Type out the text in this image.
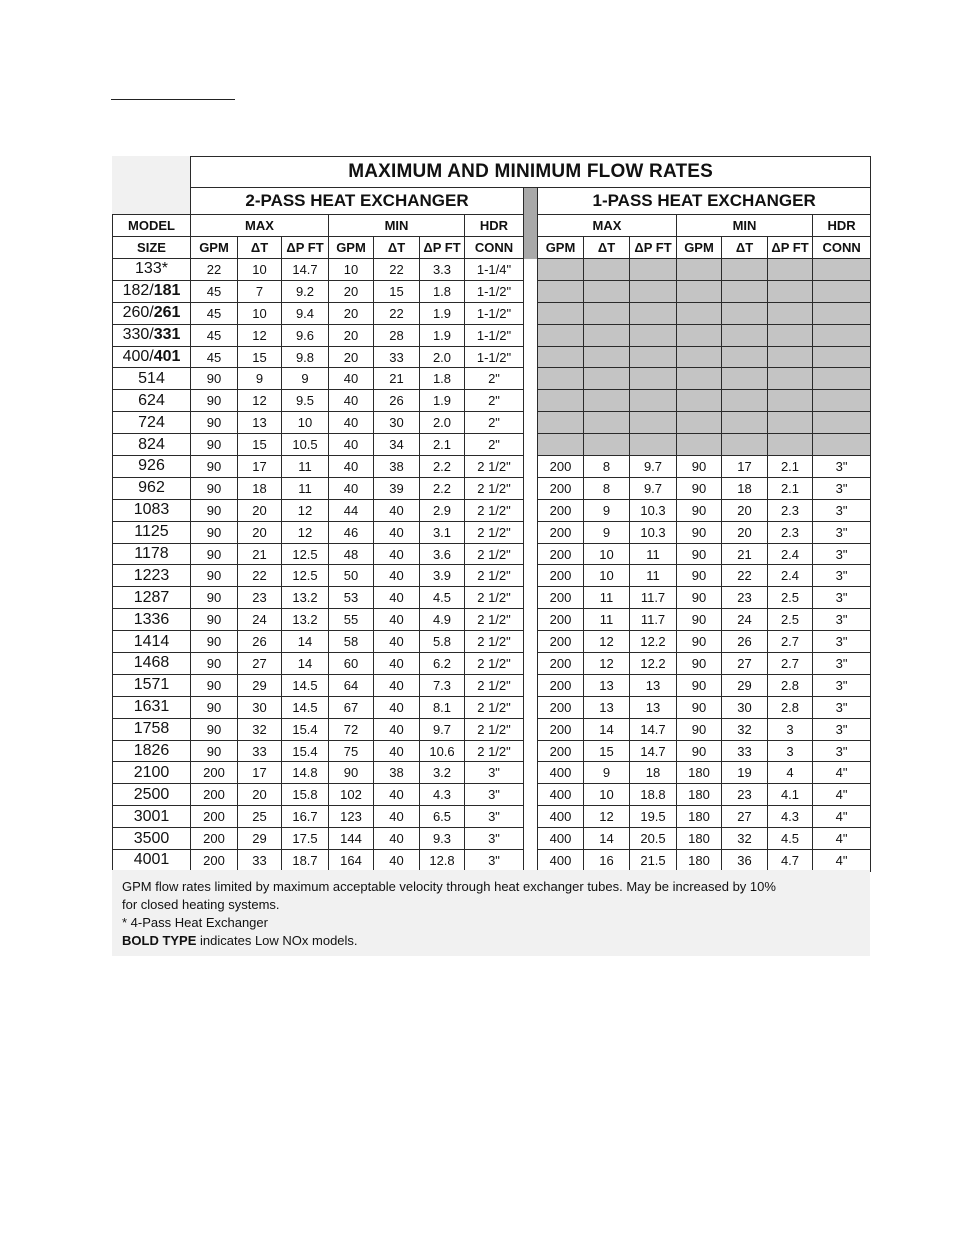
	MAXIMUM AND MINIMUM FLOW RATES														
	2-PASS HEAT EXCHANGER								1-PASS HEAT EXCHANGER						
MODEL	MAX			MIN			HDR		MAX			MIN			HDR
SIZE	GPM	ΔT	ΔP FT	GPM	ΔT	ΔP FT	CONN		GPM	ΔT	ΔP FT	GPM	ΔT	ΔP FT	CONN
133*	22	10	14.7	10	22	3.3	1-1/4"								
182/181	45	7	9.2	20	15	1.8	1-1/2"								
260/261	45	10	9.4	20	22	1.9	1-1/2"								
330/331	45	12	9.6	20	28	1.9	1-1/2"								
400/401	45	15	9.8	20	33	2.0	1-1/2"								
514	90	9	9	40	21	1.8	2"								
624	90	12	9.5	40	26	1.9	2"								
724	90	13	10	40	30	2.0	2"								
824	90	15	10.5	40	34	2.1	2"								
926	90	17	11	40	38	2.2	2 1/2"		200	8	9.7	90	17	2.1	3"
962	90	18	11	40	39	2.2	2 1/2"		200	8	9.7	90	18	2.1	3"
1083	90	20	12	44	40	2.9	2 1/2"		200	9	10.3	90	20	2.3	3"
1125	90	20	12	46	40	3.1	2 1/2"		200	9	10.3	90	20	2.3	3"
1178	90	21	12.5	48	40	3.6	2 1/2"		200	10	11	90	21	2.4	3"
1223	90	22	12.5	50	40	3.9	2 1/2"		200	10	11	90	22	2.4	3"
1287	90	23	13.2	53	40	4.5	2 1/2"		200	11	11.7	90	23	2.5	3"
1336	90	24	13.2	55	40	4.9	2 1/2"		200	11	11.7	90	24	2.5	3"
1414	90	26	14	58	40	5.8	2 1/2"		200	12	12.2	90	26	2.7	3"
1468	90	27	14	60	40	6.2	2 1/2"		200	12	12.2	90	27	2.7	3"
1571	90	29	14.5	64	40	7.3	2 1/2"		200	13	13	90	29	2.8	3"
1631	90	30	14.5	67	40	8.1	2 1/2"		200	13	13	90	30	2.8	3"
1758	90	32	15.4	72	40	9.7	2 1/2"		200	14	14.7	90	32	3	3"
1826	90	33	15.4	75	40	10.6	2 1/2"		200	15	14.7	90	33	3	3"
2100	200	17	14.8	90	38	3.2	3"		400	9	18	180	19	4	4"
2500	200	20	15.8	102	40	4.3	3"		400	10	18.8	180	23	4.1	4"
3001	200	25	16.7	123	40	6.5	3"		400	12	19.5	180	27	4.3	4"
3500	200	29	17.5	144	40	9.3	3"		400	14	20.5	180	32	4.5	4"
4001	200	33	18.7	164	40	12.8	3"		400	16	21.5	180	36	4.7	4"

GPM flow rates limited by maximum acceptable velocity through heat exchanger tubes. May be increased by 10%

for closed heating systems.

* 4-Pass Heat Exchanger

BOLD TYPE indicates Low NOx models.
